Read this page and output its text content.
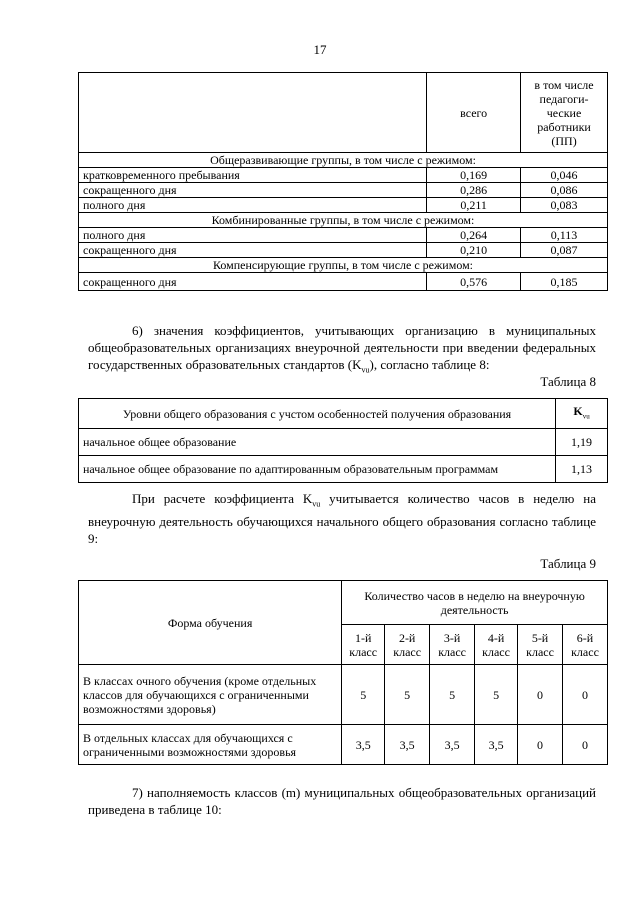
17
	всего	в том числе педагоги-ческие работники (ПП)
Общеразвивающие группы, в том числе с режимом:		
кратковременного пребывания	0,169	0,046
сокращенного дня	0,286	0,086
полного дня	0,211	0,083
Комбинированные группы, в том числе с режимом:		
полного дня	0,264	0,113
сокращенного дня	0,210	0,087
Компенсирующие группы, в том числе с режимом:		
сокращенного дня	0,576	0,185
6) значения коэффициентов, учитывающих организацию в муниципальных общеобразовательных организациях внеурочной деятельности при введении федеральных государственных образовательных стандартов $(K_{vu})$, согласно таблице 8:
Таблица 8
Уровни общего образования с учстом особенностей получения образования	$K_{vu}$
начальное общее образование	1,19
начальное общее образование по адаптированным образовательным программам	1,13
При расчете коэффициента $K_{vu}$ учитывается количество часов в неделю на внеурочную деятельность обучающихся начального общего образования согласно таблице 9:
Таблица 9
Форма обучения	Количество часов в неделю на внеурочную деятельность					
	1-й класс	2-й класс	3-й класс	4-й класс	5-й класс	6-й класс
В классах очного обучения (кроме отдельных классов для обучающихся с ограниченными возможностями здоровья)	5	5	5	5	0	0
В отдельных классах для обучающихся с ограниченными возможностями здоровья	3,5	3,5	3,5	3,5	0	0
7) наполняемость классов (m) муниципальных общеобразовательных организаций приведена в таблице 10:
